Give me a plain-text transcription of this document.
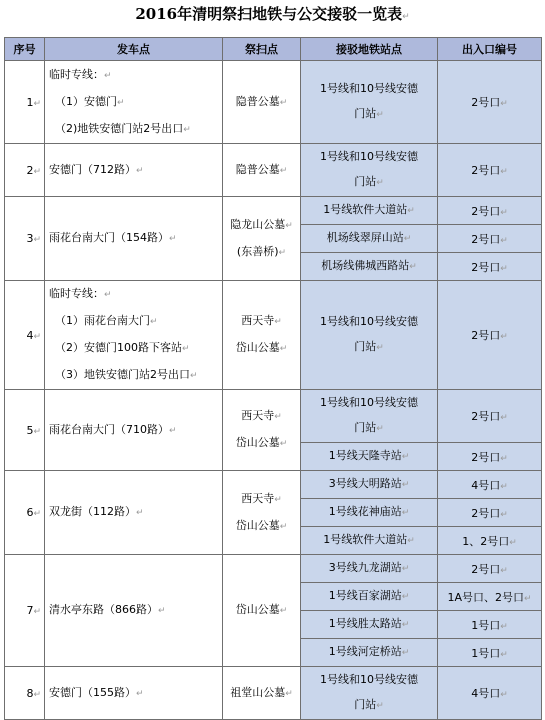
2016年清明祭扫地铁与公交接驳一览表↵
序号	发车点	祭扫点	接驳地铁站点	出入口编号
1↵	临时专线：↵
（1）安德门↵
（2)地铁安德门站2号出口↵	隐普公墓↵	1号线和10号线安德
门站↵	2号口↵
2↵	安德门（712路）↵	隐普公墓↵	1号线和10号线安德
门站↵	2号口↵
3↵	雨花台南大门（154路）↵	隐龙山公墓↵
(东善桥)↵	1号线软件大道站↵	2号口↵

			机场线翠屏山站↵	2号口↵

			机场线佛城西路站↵	2号口↵
4↵	临时专线：↵
（1）雨花台南大门↵
（2）安德门100路下客站↵
（3）地铁安德门站2号出口↵	西天寺↵
岱山公墓↵	1号线和10号线安德
门站↵	2号口↵
5↵	雨花台南大门（710路）↵	西天寺↵
岱山公墓↵	1号线和10号线安德
门站↵	2号口↵

			1号线天隆寺站↵	2号口↵
6↵	双龙街（112路）↵	西天寺↵
岱山公墓↵	3号线大明路站↵	4号口↵

			1号线花神庙站↵	2号口↵

			1号线软件大道站↵	1、2号口↵
7↵	清水亭东路（866路）↵	岱山公墓↵	3号线九龙湖站↵	2号口↵

			1号线百家湖站↵	1A号口、2号口↵

			1号线胜太路站↵	1号口↵

			1号线河定桥站↵	1号口↵
8↵	安德门（155路）↵	祖堂山公墓↵	1号线和10号线安德
门站↵	4号口↵
